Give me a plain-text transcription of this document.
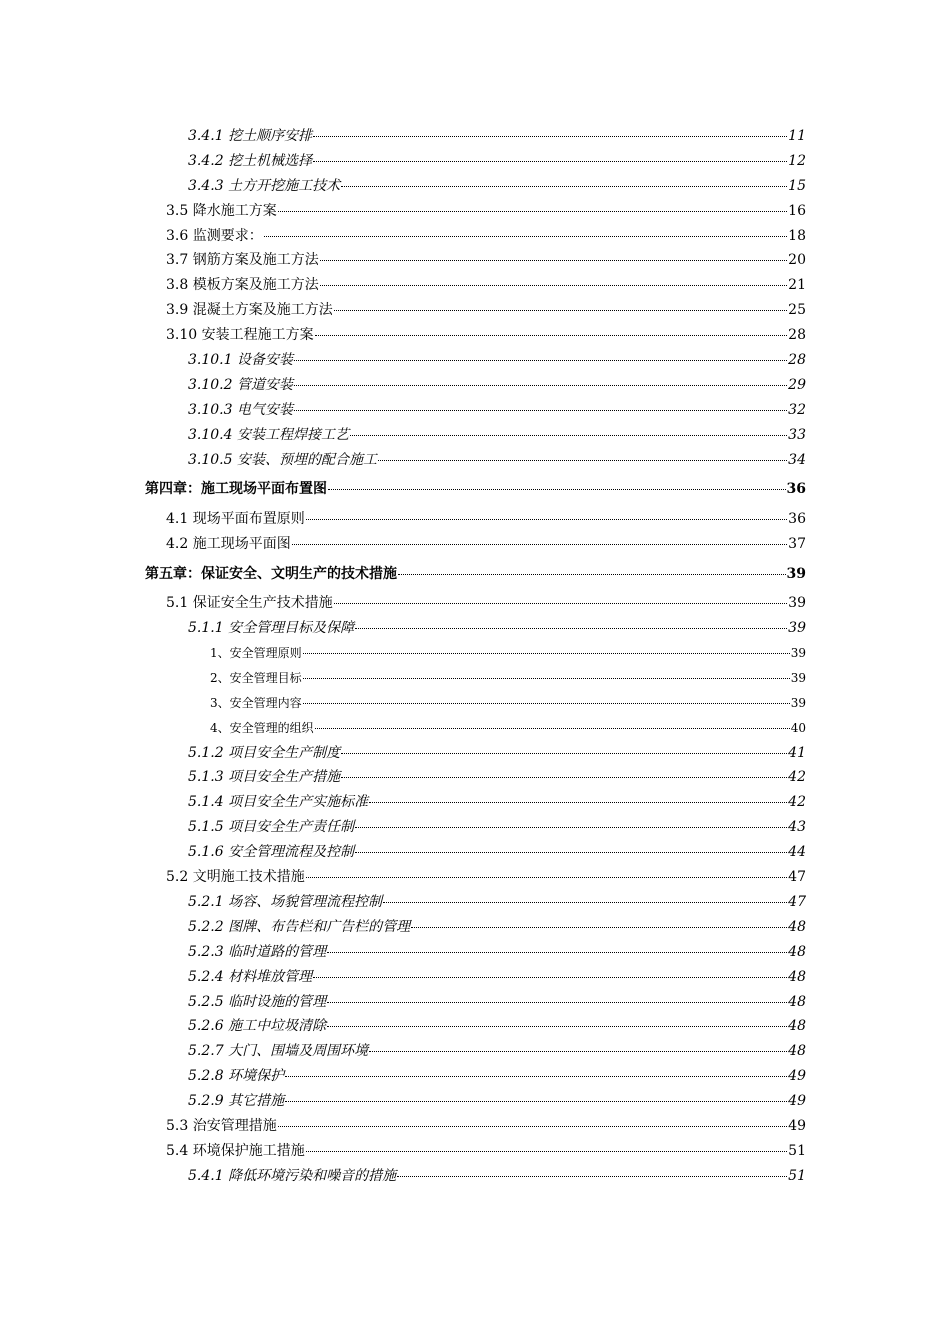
3.4.1 挖土顺序安排	11
3.4.2 挖土机械选择	12
3.4.3 土方开挖施工技术	15
3.5 降水施工方案	16
3.6 监测要求：	18
3.7 钢筋方案及施工方法	20
3.8 模板方案及施工方法	21
3.9 混凝土方案及施工方法	25
3.10 安装工程施工方案	28
3.10.1 设备安装	28
3.10.2 管道安装	29
3.10.3 电气安装	32
3.10.4 安装工程焊接工艺	33
3.10.5 安装、预埋的配合施工	34
第四章：施工现场平面布置图	36
4.1 现场平面布置原则	36
4.2 施工现场平面图	37
第五章：保证安全、文明生产的技术措施	39
5.1 保证安全生产技术措施	39
5.1.1 安全管理目标及保障	39
1、安全管理原则	39
2、安全管理目标	39
3、安全管理内容	39
4、安全管理的组织	40
5.1.2 项目安全生产制度	41
5.1.3 项目安全生产措施	42
5.1.4 项目安全生产实施标准	42
5.1.5 项目安全生产责任制	43
5.1.6 安全管理流程及控制	44
5.2 文明施工技术措施	47
5.2.1 场容、场貌管理流程控制	47
5.2.2 图牌、布告栏和广告栏的管理	48
5.2.3 临时道路的管理	48
5.2.4 材料堆放管理	48
5.2.5 临时设施的管理	48
5.2.6 施工中垃圾清除	48
5.2.7 大门、围墙及周围环境	48
5.2.8 环境保护	49
5.2.9 其它措施	49
5.3 治安管理措施	49
5.4 环境保护施工措施	51
5.4.1 降低环境污染和噪音的措施	51
